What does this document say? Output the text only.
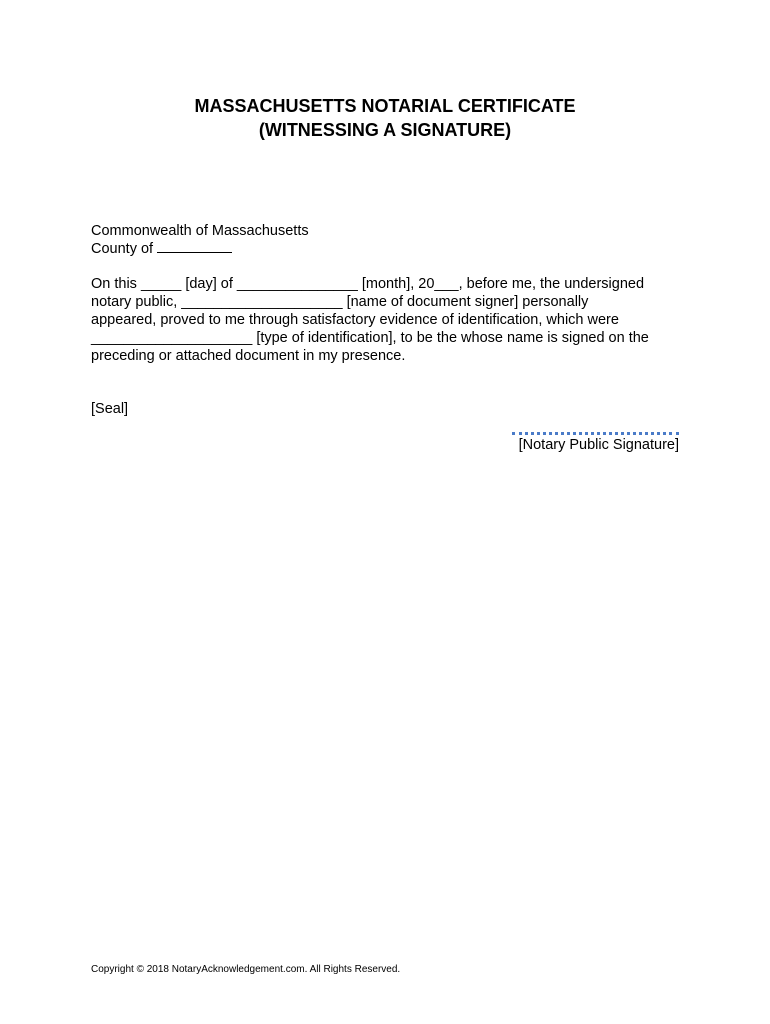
MASSACHUSETTS NOTARIAL CERTIFICATE
(WITNESSING A SIGNATURE)
Commonwealth of Massachusetts
County of
On this _____ [day] of _______________ [month], 20___, before me, the undersigned
notary public, ____________________ [name of document signer] personally
appeared, proved to me through satisfactory evidence of identification, which were
____________________ [type of identification], to be the whose name is signed on the
preceding or attached document in my presence.
[Seal]
[Notary Public Signature]
Copyright © 2018 NotaryAcknowledgement.com. All Rights Reserved.
